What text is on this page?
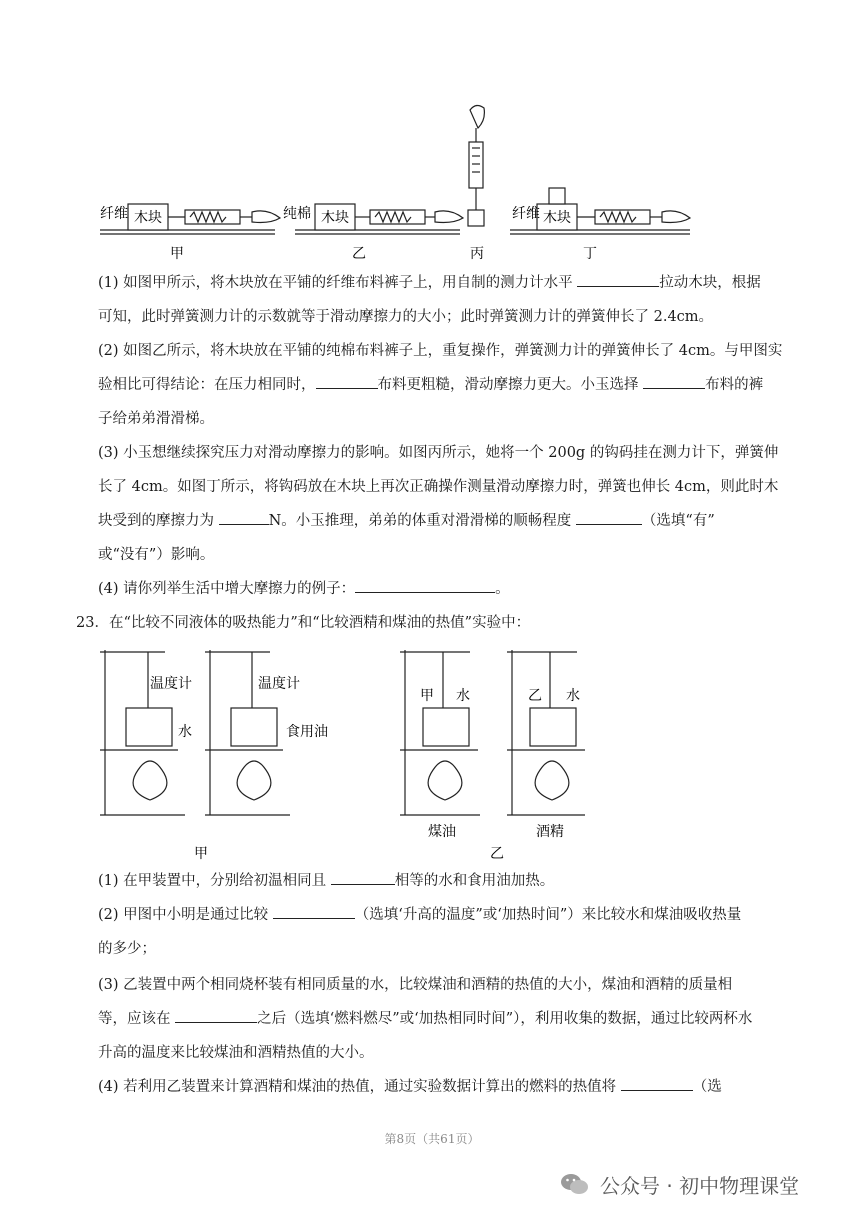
纤维 木块	纯棉 木块	纤维 木块
甲	乙	丙	丁
(1) 如图甲所示，将木块放在平铺的纤维布料裤子上，用自制的测力计水平	拉动木块，根据
可知，此时弹簧测力计的示数就等于滑动摩擦力的大小；此时弹簧测力计的弹簧伸长了 2.4cm。
(2) 如图乙所示，将木块放在平铺的纯棉布料裤子上，重复操作，弹簧测力计的弹簧伸长了 4cm。与甲图实
验相比可得结论：在压力相同时，	布料更粗糙，滑动摩擦力更大。小玉选择	布料的裤
子给弟弟滑滑梯。
(3) 小玉想继续探究压力对滑动摩擦力的影响。如图丙所示，她将一个 200g 的钩码挂在测力计下，弹簧伸
长了 4cm。如图丁所示，将钩码放在木块上再次正确操作测量滑动摩擦力时，弹簧也伸长 4cm，则此时木
块受到的摩擦力为	N。小玉推理，弟弟的体重对滑滑梯的顺畅程度	（选填“有”
或“没有”）影响。
(4) 请你列举生活中增大摩擦力的例子：	。
23．在“比较不同液体的吸热能力”和“比较酒精和煤油的热值”实验中：
温度计	温度计
水	食用油
甲 水	乙 水
煤油	酒精
甲	乙
(1) 在甲装置中，分别给初温相同且	相等的水和食用油加热。
(2) 甲图中小明是通过比较	（选填‘升高的温度”或‘加热时间”）来比较水和煤油吸收热量
的多少；
(3) 乙装置中两个相同烧杯装有相同质量的水，比较煤油和酒精的热值的大小，煤油和酒精的质量相
等，应该在	之后（选填‘燃料燃尽”或‘加热相同时间”），利用收集的数据，通过比较两杯水
升高的温度来比较煤油和酒精热值的大小。
(4) 若利用乙装置来计算酒精和煤油的热值，通过实验数据计算出的燃料的热值将	（选
第8页（共61页）
公众号 · 初中物理课堂
